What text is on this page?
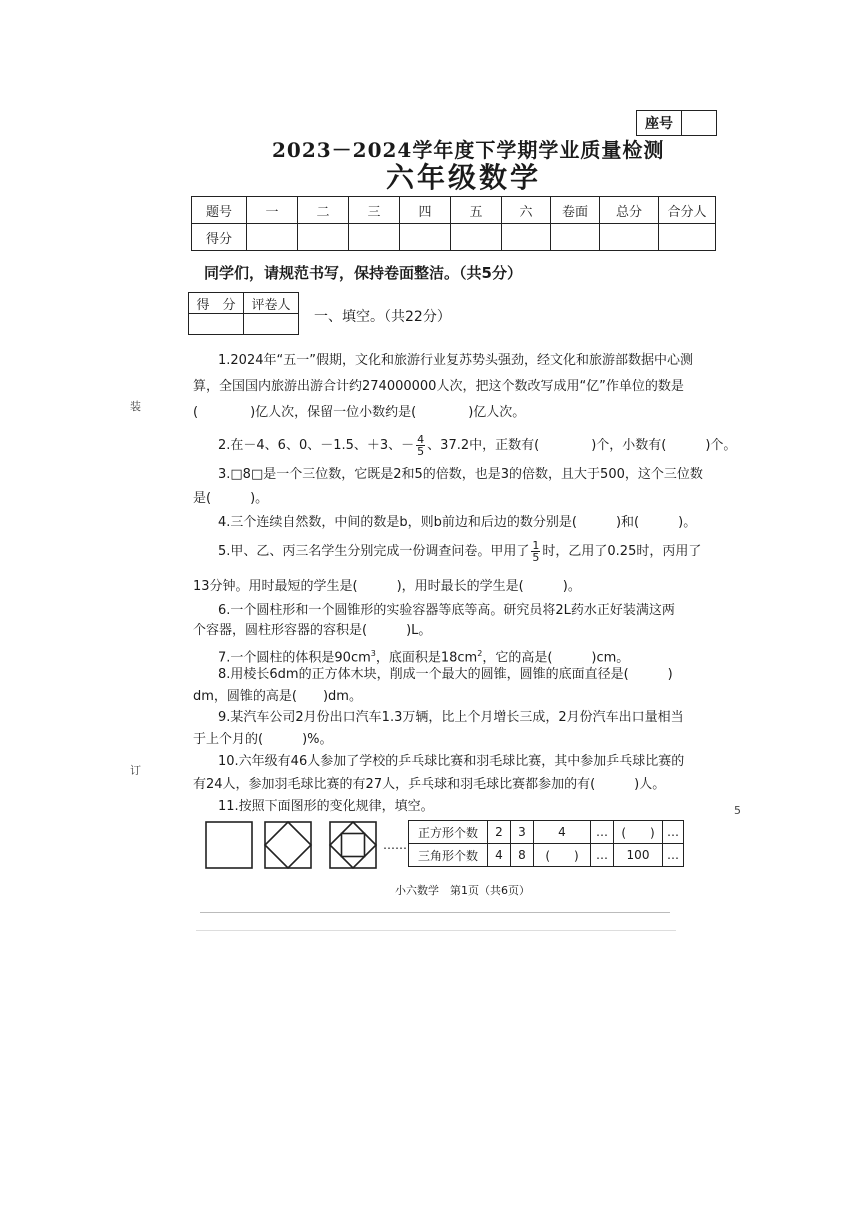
座号
2023－2024学年度下学期学业质量检测
六年级数学
题号	一	二	三	四	五	六	卷面	总分	合分人
得分									
同学们，请规范书写，保持卷面整洁。（共5分）
得　分	评卷人

一、填空。（共22分）
1.2024年“五一”假期，文化和旅游行业复苏势头强劲，经文化和旅游部数据中心测
算，全国国内旅游出游合计约274000000人次，把这个数改写成用“亿”作单位的数是
(　　　　)亿人次，保留一位小数约是(　　　　)亿人次。
2.在－4、6、0、－1.5、＋3、－ $\frac{4}{5}$ 、37.2中，正数有(　　　　)个，小数有(　　　)个。
3.□8□是一个三位数，它既是2和5的倍数，也是3的倍数，且大于500，这个三位数
是(　　　)。
4.三个连续自然数，中间的数是b，则b前边和后边的数分别是(　　　)和(　　　)。
5.甲、乙、丙三名学生分别完成一份调查问卷。甲用了 $\frac{1}{5}$ 时，乙用了0.25时，丙用了
13分钟。用时最短的学生是(　　　)，用时最长的学生是(　　　)。
6.一个圆柱形和一个圆锥形的实验容器等底等高。研究员将2L药水正好装满这两
个容器，圆柱形容器的容积是(　　　)L。
7.一个圆柱的体积是$90cm^3$，底面积是$18cm^2$，它的高是(　　　)cm。
8.用棱长6dm的正方体木块，削成一个最大的圆锥，圆锥的底面直径是(　　　)
dm，圆锥的高是(　　)dm。
9.某汽车公司2月份出口汽车1.3万辆，比上个月增长三成，2月份汽车出口量相当
于上个月的(　　　)%。
10.六年级有46人参加了学校的乒乓球比赛和羽毛球比赛，其中参加乒乓球比赛的
有24人，参加羽毛球比赛的有27人，乒乓球和羽毛球比赛都参加的有(　　　)人。
11.按照下面图形的变化规律，填空。
……
正方形个数	2	3	4	…	(　　)	…
三角形个数	4	8	(　　)	…	100	…
小六数学　第1页（共6页）
装
订
5
